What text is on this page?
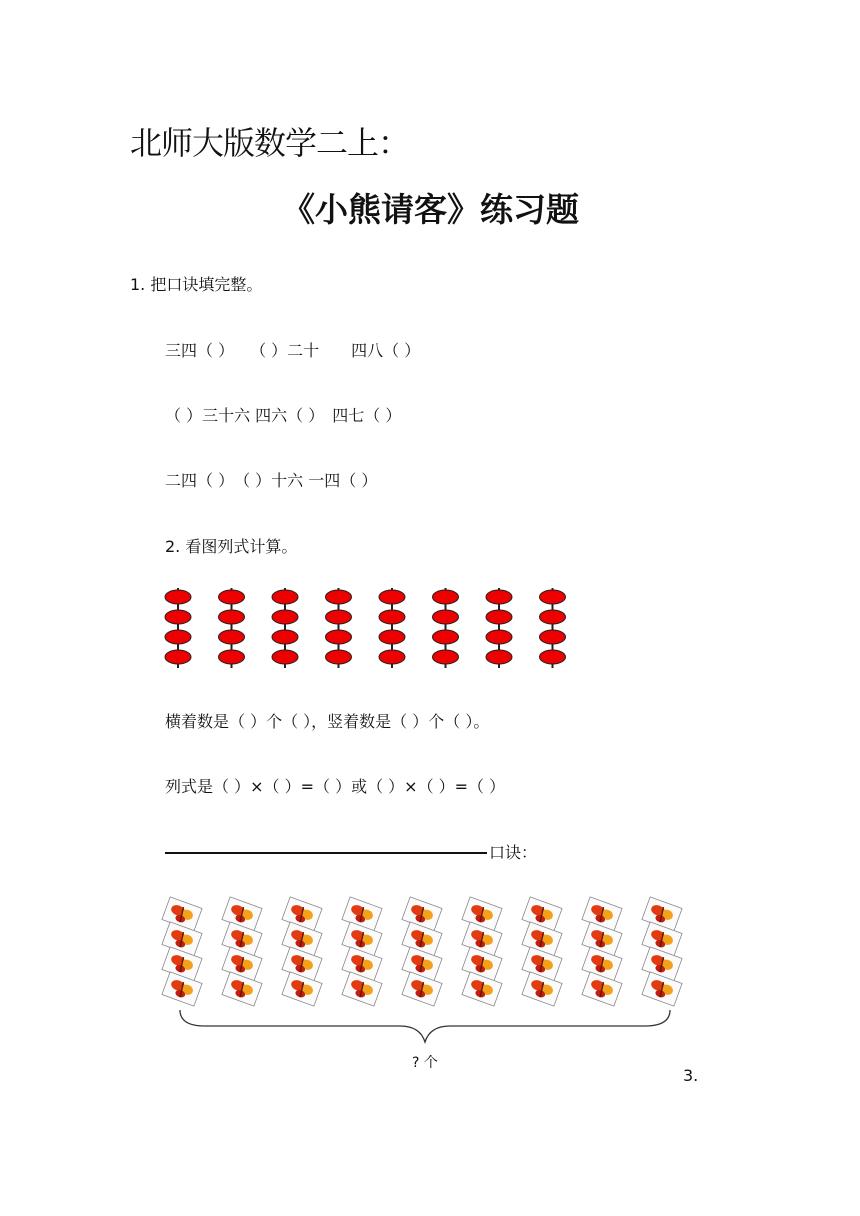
北师大版数学二上：
《小熊请客》练习题
1. 把口诀填完整。
三四（ ）　　（ ）二十　　四八（ ）
（ ）三十六 四六（ ）　四七（ ）
二四（ ）　（ ）十六 一四（ ）
2. 看图列式计算。
横着数是（ ）个（ ），竖着数是（ ）个（ ）。
列式是（ ）×（ ）=（ ）或（ ）×（ ）=（ ）
口诀：
? 个
3.
